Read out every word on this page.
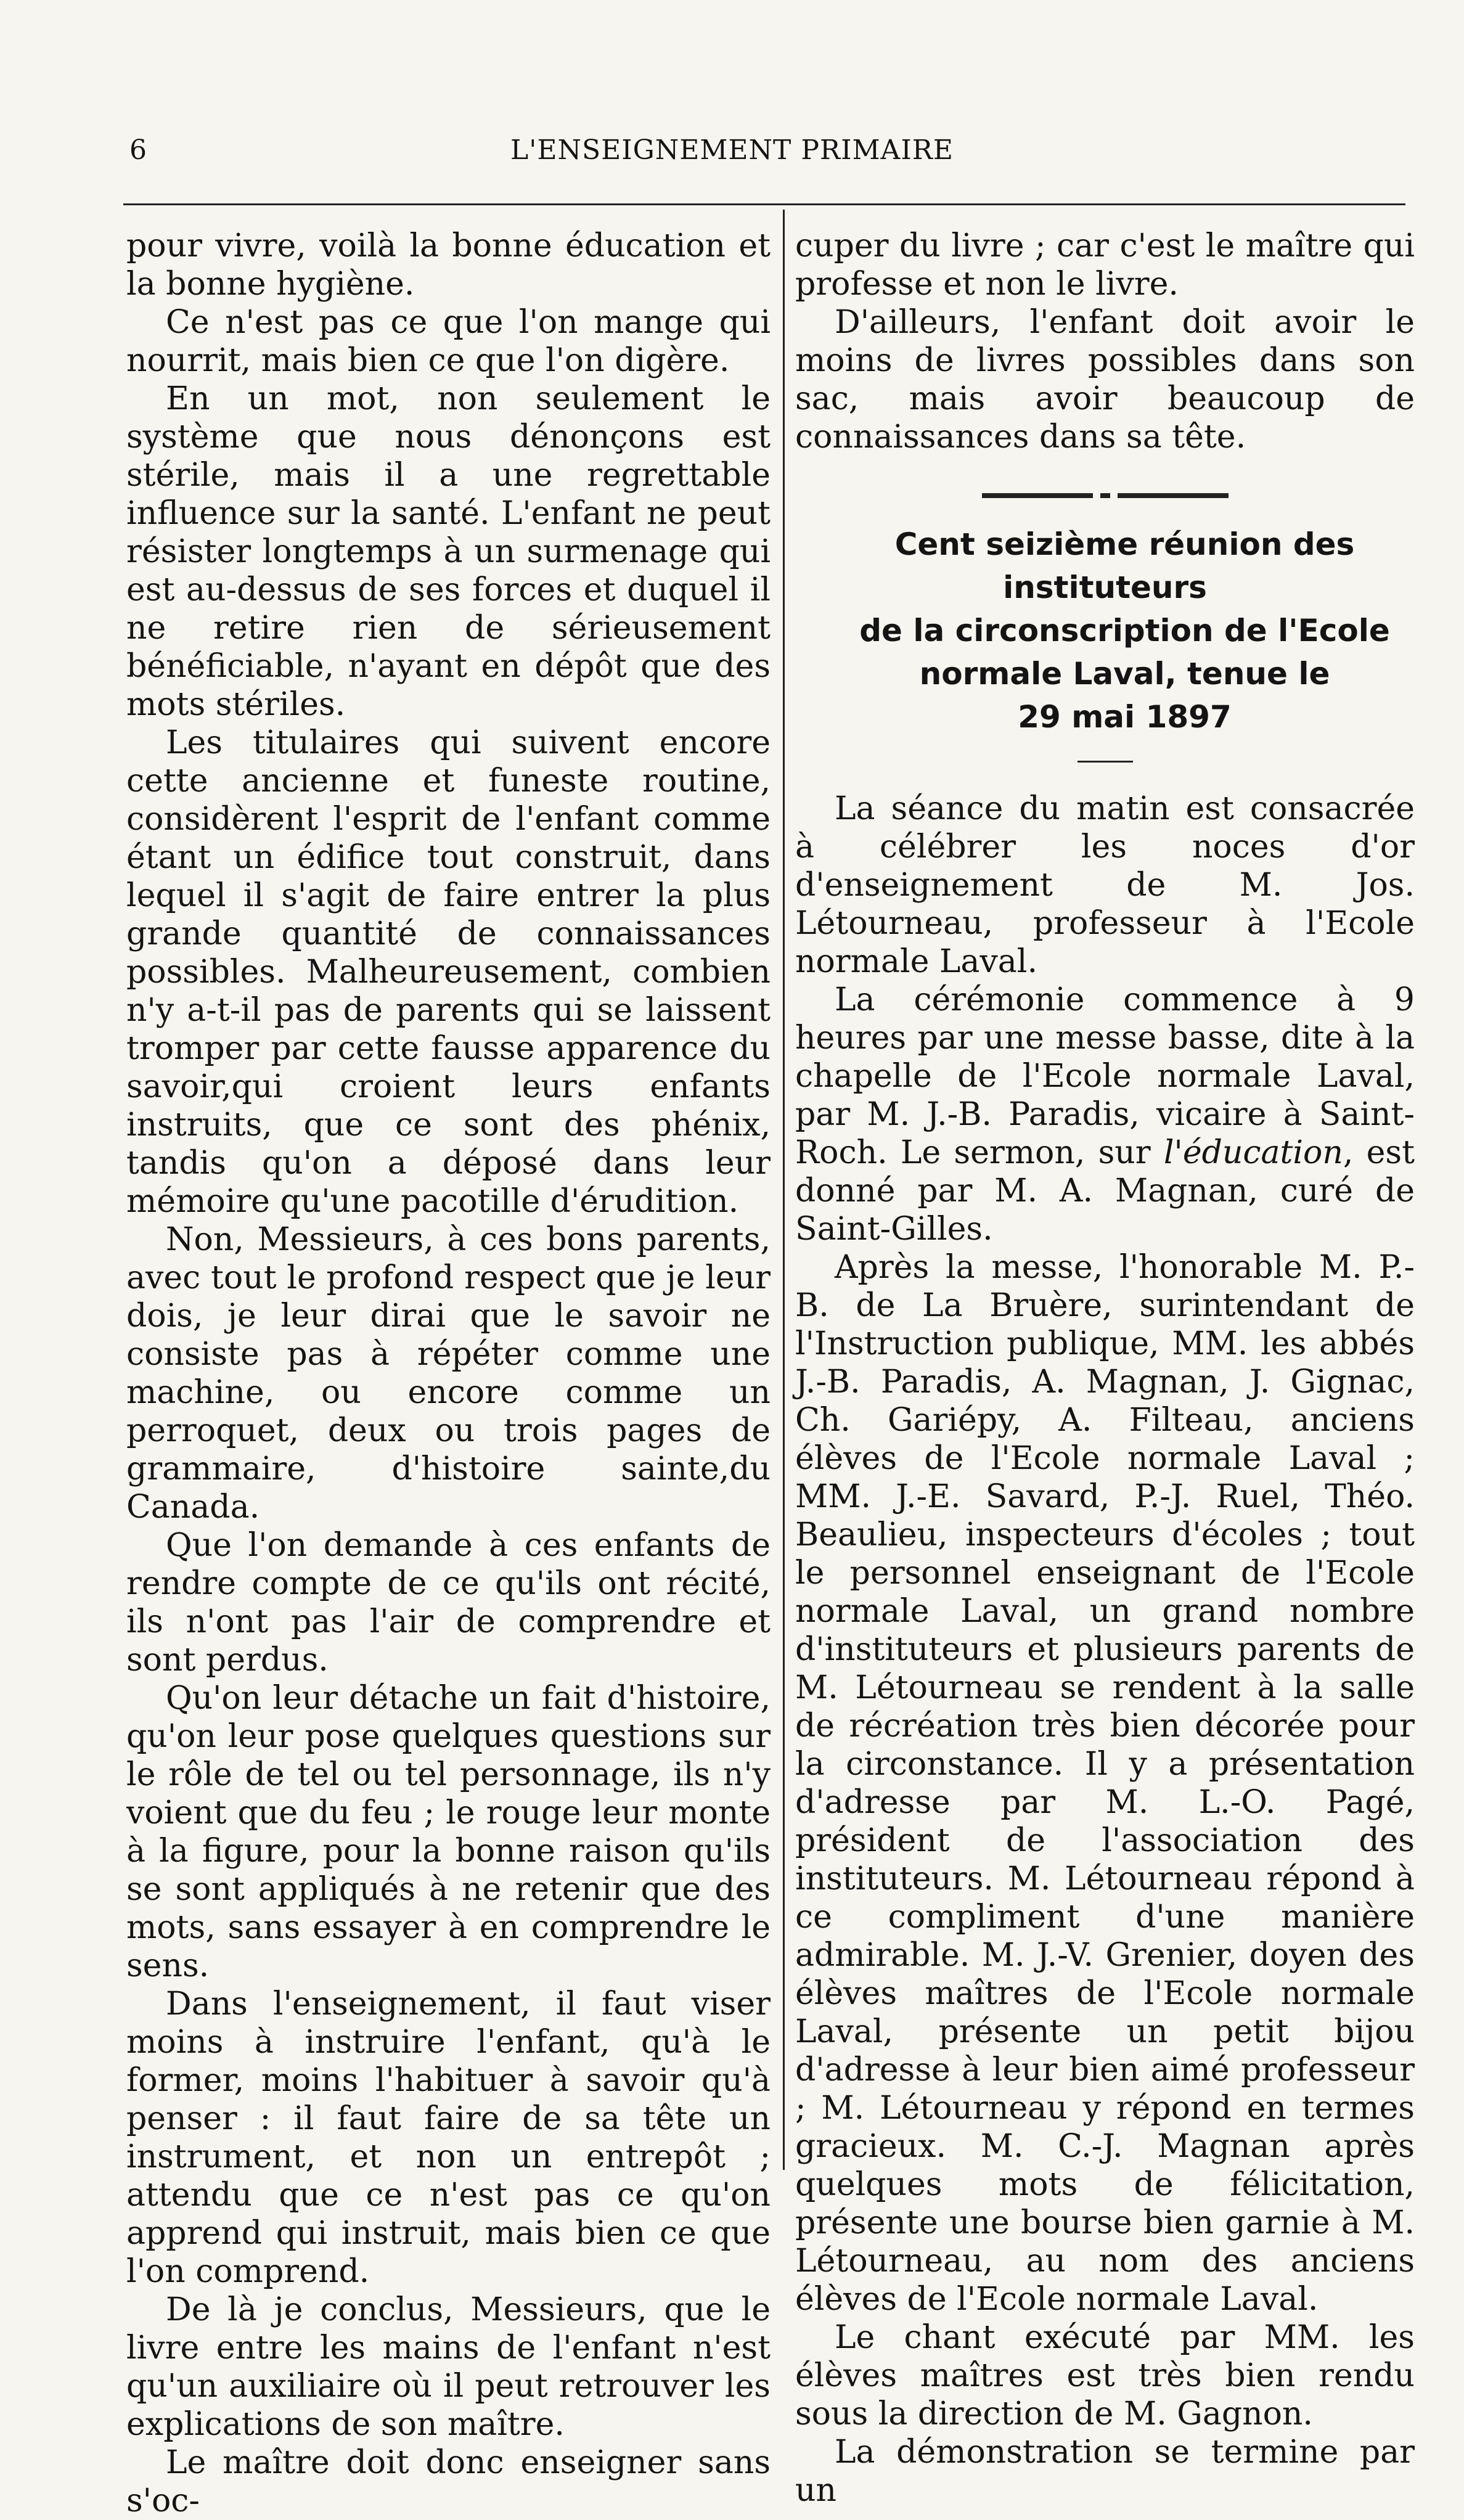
6	L'ENSEIGNEMENT PRIMAIRE

pour vivre, voilà la bonne éducation et la bonne hygiène.

Ce n'est pas ce que l'on mange qui nourrit, mais bien ce que l'on digère.

En un mot, non seulement le système que nous dénonçons est stérile, mais il a une regrettable influence sur la santé. L'enfant ne peut résister longtemps à un surmenage qui est au-dessus de ses forces et duquel il ne retire rien de sérieusement bénéficiable, n'ayant en dépôt que des mots stériles.

Les titulaires qui suivent encore cette ancienne et funeste routine, considèrent l'esprit de l'enfant comme étant un édifice tout construit, dans lequel il s'agit de faire entrer la plus grande quantité de connaissances possibles. Malheureusement, combien n'y a-t-il pas de parents qui se laissent tromper par cette fausse apparence du savoir,qui croient leurs enfants instruits, que ce sont des phénix, tandis qu'on a déposé dans leur mémoire qu'une pacotille d'érudition.

Non, Messieurs, à ces bons parents, avec tout le profond respect que je leur dois, je leur dirai que le savoir ne consiste pas à répéter comme une machine, ou encore comme un perroquet, deux ou trois pages de grammaire, d'histoire sainte,du Canada.

Que l'on demande à ces enfants de rendre compte de ce qu'ils ont récité, ils n'ont pas l'air de comprendre et sont perdus.

Qu'on leur détache un fait d'histoire, qu'on leur pose quelques questions sur le rôle de tel ou tel personnage, ils n'y voient que du feu ; le rouge leur monte à la figure, pour la bonne raison qu'ils se sont appliqués à ne retenir que des mots, sans essayer à en comprendre le sens.

Dans l'enseignement, il faut viser moins à instruire l'enfant, qu'à le former, moins l'habituer à savoir qu'à penser : il faut faire de sa tête un instrument, et non un entrepôt ; attendu que ce n'est pas ce qu'on apprend qui instruit, mais bien ce que l'on comprend.

De là je conclus, Messieurs, que le livre entre les mains de l'enfant n'est qu'un auxiliaire où il peut retrouver les explications de son maître.

Le maître doit donc enseigner sans s'oc-

cuper du livre ; car c'est le maître qui professe et non le livre.

D'ailleurs, l'enfant doit avoir le moins de livres possibles dans son sac, mais avoir beaucoup de connaissances dans sa tête.

Cent seizième réunion des instituteurs

de la circonscription de l'Ecole

normale Laval, tenue le

29 mai 1897

La séance du matin est consacrée à célébrer les noces d'or d'enseignement de M. Jos. Létourneau, professeur à l'Ecole normale Laval.

La cérémonie commence à 9 heures par une messe basse, dite à la chapelle de l'Ecole normale Laval, par M. J.-B. Paradis, vicaire à Saint-Roch. Le sermon, sur l'éducation, est donné par M. A. Magnan, curé de Saint-Gilles.

Après la messe, l'honorable M. P.-B. de La Bruère, surintendant de l'Instruction publique, MM. les abbés J.-B. Paradis, A. Magnan, J. Gignac, Ch. Gariépy, A. Filteau, anciens élèves de l'Ecole normale Laval ; MM. J.-E. Savard, P.-J. Ruel, Théo. Beaulieu, inspecteurs d'écoles ; tout le personnel enseignant de l'Ecole normale Laval, un grand nombre d'instituteurs et plusieurs parents de M. Létourneau se rendent à la salle de récréation très bien décorée pour la circonstance. Il y a présentation d'adresse par M. L.-O. Pagé, président de l'association des instituteurs. M. Létourneau répond à ce compliment d'une manière admirable. M. J.-V. Grenier, doyen des élèves maîtres de l'Ecole normale Laval, présente un petit bijou d'adresse à leur bien aimé professeur ; M. Létourneau y répond en termes gracieux. M. C.-J. Magnan après quelques mots de félicitation, présente une bourse bien garnie à M. Létourneau, au nom des anciens élèves de l'Ecole normale Laval.

Le chant exécuté par MM. les élèves maîtres est très bien rendu sous la direction de M. Gagnon.

La démonstration se termine par un
